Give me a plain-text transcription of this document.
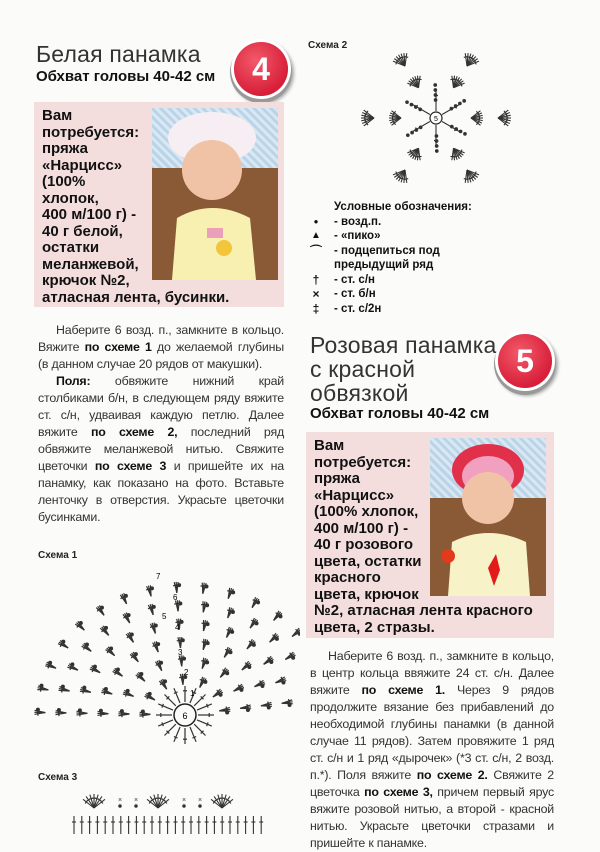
Белая панамка
Обхват головы 40-42 см	4
Вам
потребуется:
пряжа
«Нарцисс»
(100%
хлопок,
400 м/100 г) -
40 г белой,
остатки
меланжевой,
крючок №2,
атласная лента, бусинки.

Наберите 6 возд. п., замкните в кольцо. Вяжите по схеме 1 до желаемой глубины (в данном случае 20 рядов от макушки).

Поля: обвяжите нижний край столбиками б/н, в следующем ряду вяжите ст. с/н, удваивая каждую петлю. Далее вяжите по схеме 2, последний ряд обвяжите меланжевой нитью. Свяжите цветочки по схеме 3 и пришейте их на панамку, как показано на фото. Вставьте ленточку в отверстия. Украсьте цветочки бусинками.

Схема 1
6
1
2
3
4
5
6
7
Схема 3
× ×	× ×
Схема 2
5
Условные обозначения:
●	- возд.п.
▲ - «пико»
⌒ - подцепиться под
предыдущий ряд
†	- ст. с/н
×	- ст. б/н
‡	- ст. с/2н
Розовая панамка
с красной
обвязкой
5
Обхват головы 40-42 см
Вам
потребуется:
пряжа
«Нарцисс»
(100% хлопок,
400 м/100 г) -
40 г розового
цвета, остатки
красного
цвета, крючок
№2, атласная лента красного
цвета, 2 стразы.

Наберите 6 возд. п., замкните в кольцо, в центр кольца ввяжите 24 ст. с/н. Далее вяжите по схеме 1. Через 9 рядов продолжите вязание без прибавлений до необходимой глубины панамки (в данной случае 11 рядов). Затем провяжите 1 ряд ст. с/н и 1 ряд «дырочек» (*3 ст. с/н, 2 возд. п.*). Поля вяжите по схеме 2. Свяжите 2 цветочка по схеме 3, причем первый ярус вяжите розовой нитью, а второй - красной нитью. Украсьте цветочки стразами и пришейте к панамке.
